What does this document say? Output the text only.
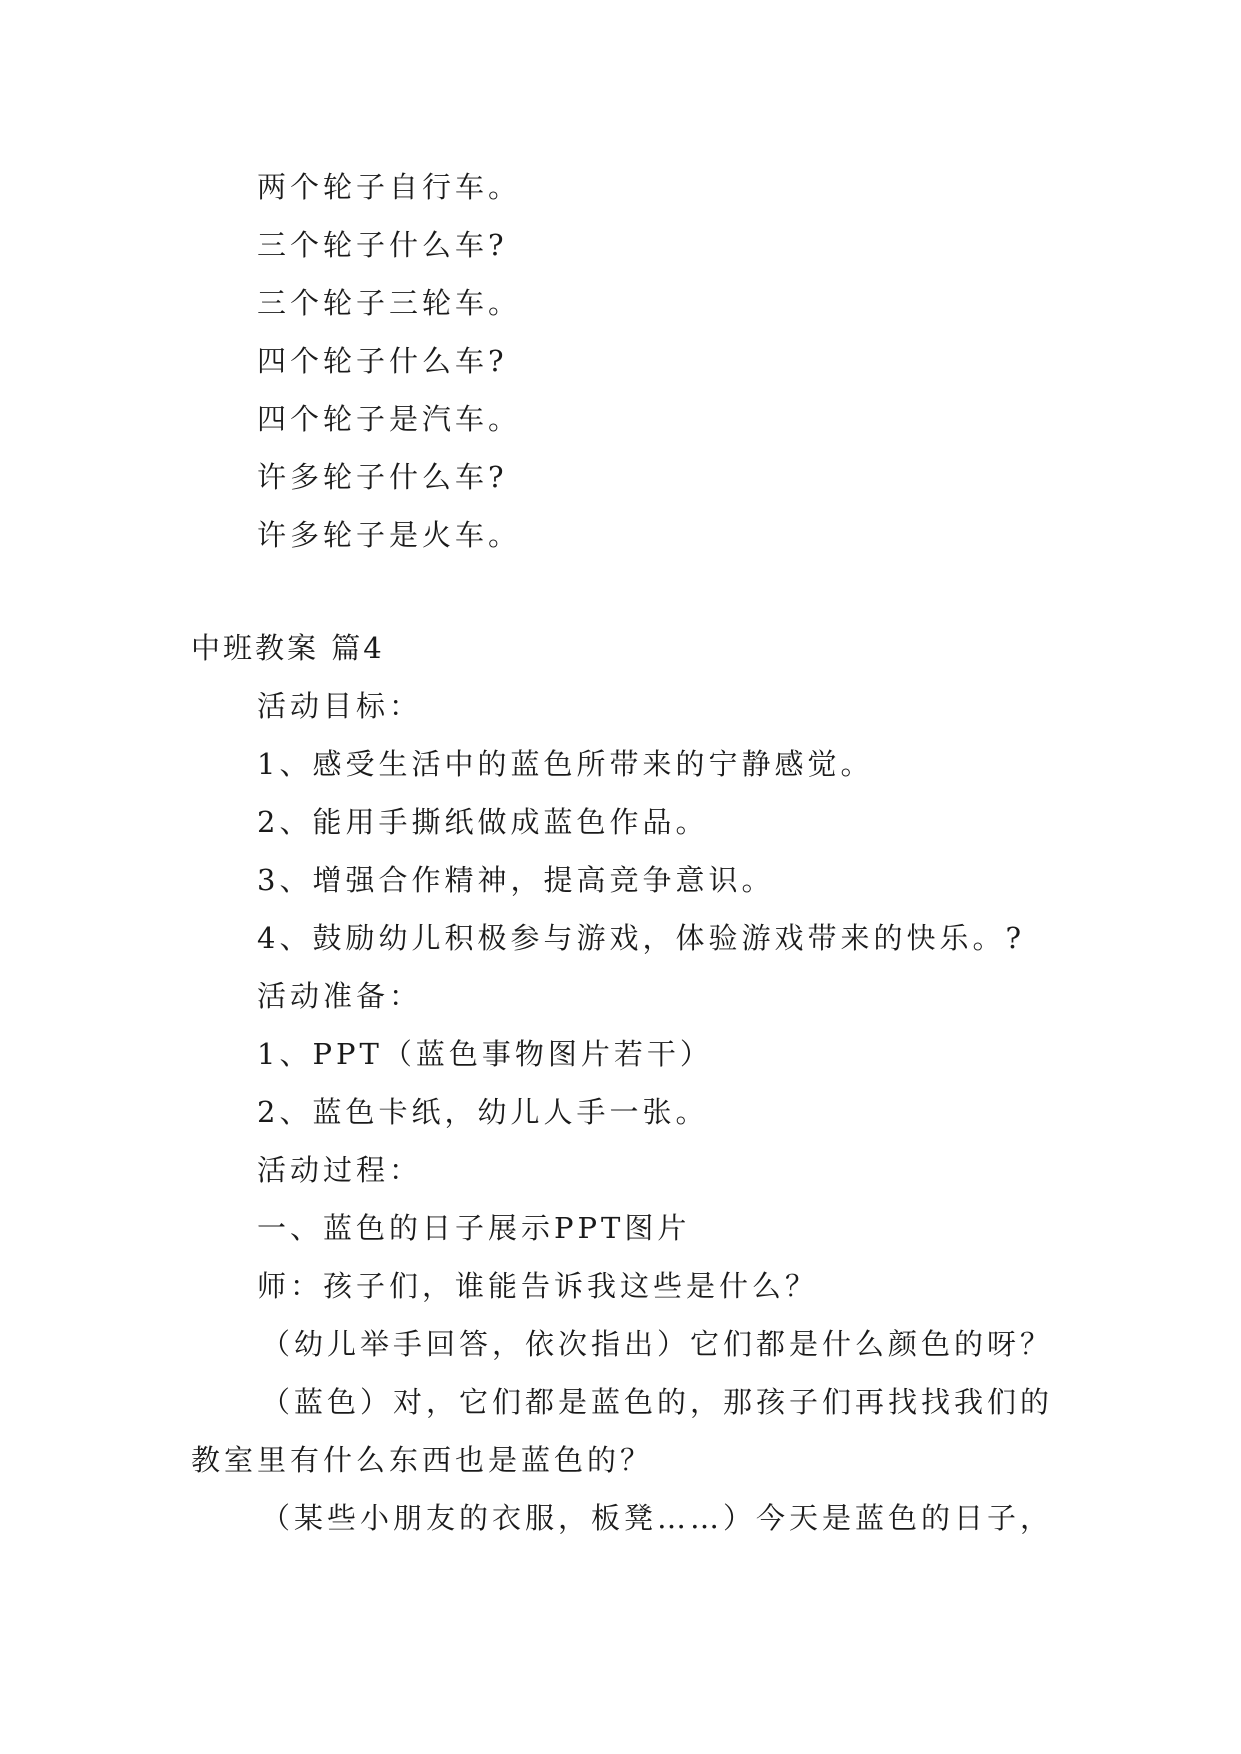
两个轮子自行车。
三个轮子什么车?
三个轮子三轮车。
四个轮子什么车?
四个轮子是汽车。
许多轮子什么车?
许多轮子是火车。
中班教案 篇4
活动目标：
1、感受生活中的蓝色所带来的宁静感觉。
2、能用手撕纸做成蓝色作品。
3、增强合作精神，提高竞争意识。
4、鼓励幼儿积极参与游戏，体验游戏带来的快乐。?
活动准备：
1、PPT（蓝色事物图片若干）
2、蓝色卡纸，幼儿人手一张。
活动过程：
一、蓝色的日子展示PPT图片
师：孩子们，谁能告诉我这些是什么？
（幼儿举手回答，依次指出）它们都是什么颜色的呀？
（蓝色）对，它们都是蓝色的，那孩子们再找找我们的
教室里有什么东西也是蓝色的？
（某些小朋友的衣服，板凳……）今天是蓝色的日子，
